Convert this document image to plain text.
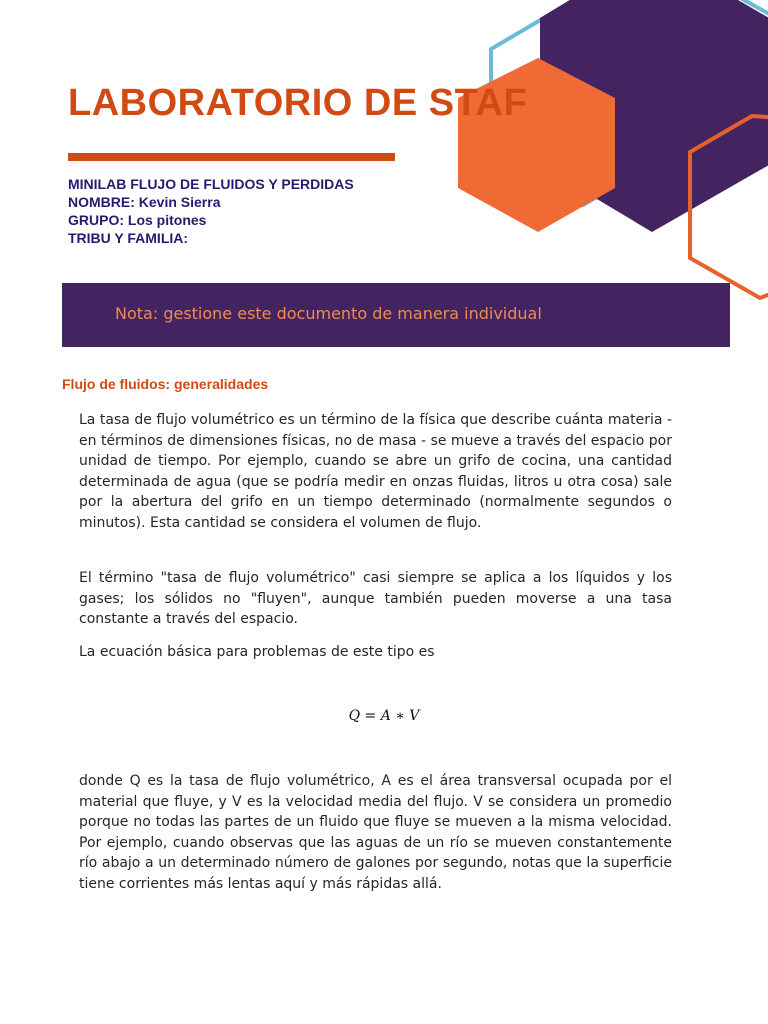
LABORATORIO DE STAF
MINILAB FLUJO DE FLUIDOS Y PERDIDAS
NOMBRE: Kevin Sierra
GRUPO: Los pitones
TRIBU Y FAMILIA:
Nota: gestione este documento de manera individual
Flujo de fluidos: generalidades

La tasa de flujo volumétrico es un término de la física que describe cuánta materia - en términos de dimensiones físicas, no de masa - se mueve a través del espacio por unidad de tiempo. Por ejemplo, cuando se abre un grifo de cocina, una cantidad determinada de agua (que se podría medir en onzas fluidas, litros u otra cosa) sale por la abertura del grifo en un tiempo determinado (normalmente segundos o minutos). Esta cantidad se considera el volumen de flujo.

El término "tasa de flujo volumétrico" casi siempre se aplica a los líquidos y los gases; los sólidos no "fluyen", aunque también pueden moverse a una tasa constante a través del espacio.

La ecuación básica para problemas de este tipo es

Q = A ∗ V

donde Q es la tasa de flujo volumétrico, A es el área transversal ocupada por el material que fluye, y V es la velocidad media del flujo. V se considera un promedio porque no todas las partes de un fluido que fluye se mueven a la misma velocidad. Por ejemplo, cuando observas que las aguas de un río se mueven constantemente río abajo a un determinado número de galones por segundo, notas que la superficie tiene corrientes más lentas aquí y más rápidas allá.
